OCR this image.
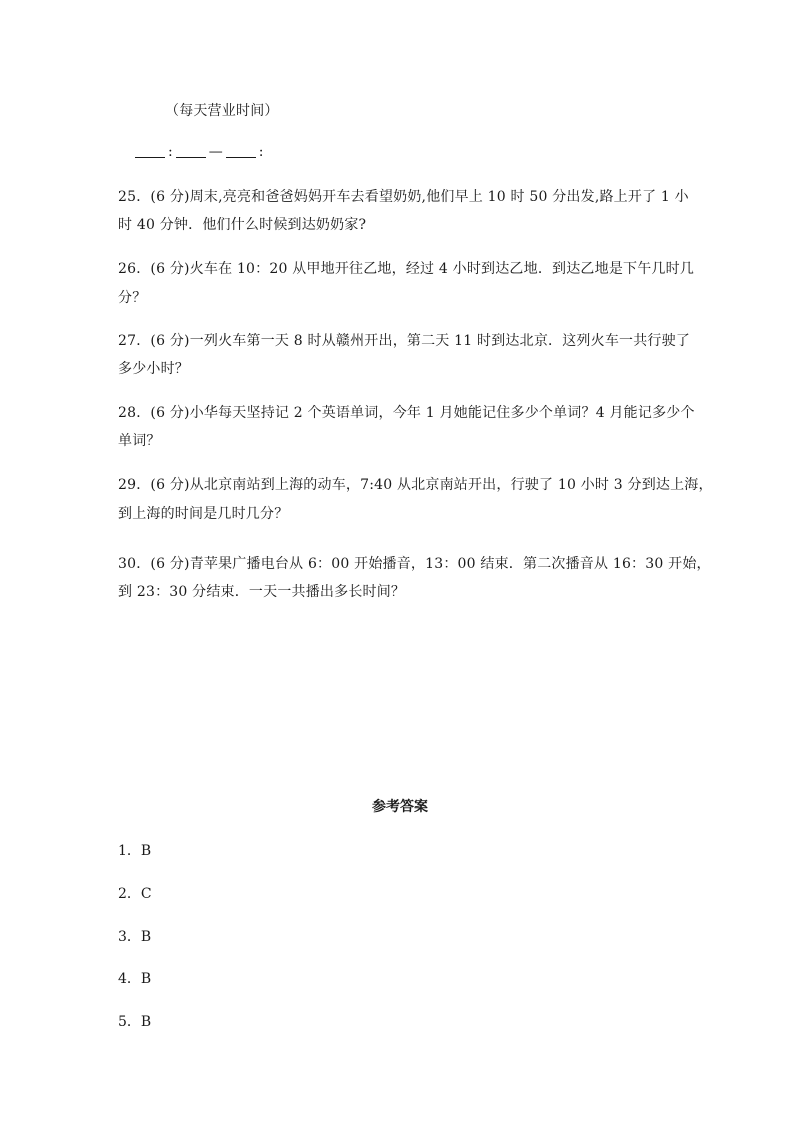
（每天营业时间）
:	—	:
25．(6 分)周末,亮亮和爸爸妈妈开车去看望奶奶,他们早上 10 时 50 分出发,路上开了 1 小
时 40 分钟．他们什么时候到达奶奶家?
26．(6 分)火车在 10：20 从甲地开往乙地，经过 4 小时到达乙地．到达乙地是下午几时几
分？
27．(6 分)一列火车第一天 8 时从赣州开出，第二天 11 时到达北京．这列火车一共行驶了
多少小时？
28．(6 分)小华每天坚持记 2 个英语单词，今年 1 月她能记住多少个单词？4 月能记多少个
单词？
29．(6 分)从北京南站到上海的动车，7:40 从北京南站开出，行驶了 10 小时 3 分到达上海，
到上海的时间是几时几分？
30．(6 分)青苹果广播电台从 6：00 开始播音，13：00 结束．第二次播音从 16：30 开始，
到 23：30 分结束．一天一共播出多长时间？
参考答案
1．B
2．C
3．B
4．B
5．B
